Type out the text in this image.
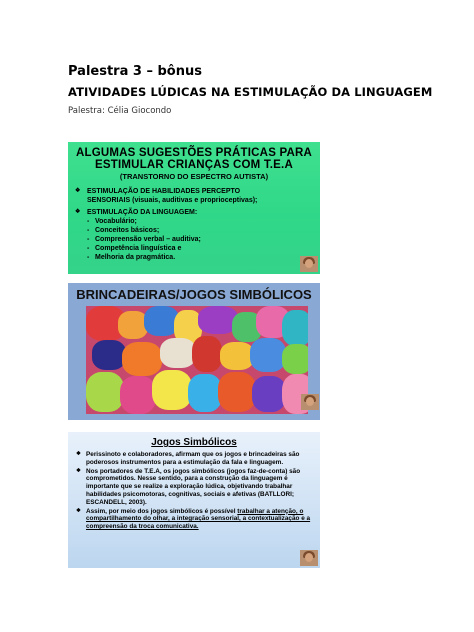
Palestra 3 – bônus
ATIVIDADES LÚDICAS NA ESTIMULAÇÃO DA LINGUAGEM
Palestra: Célia Giocondo
ALGUMAS SUGESTÕES PRÁTICAS PARA
ESTIMULAR CRIANÇAS COM T.E.A
(TRANSTORNO DO ESPECTRO AUTISTA)
❖ ESTIMULAÇÃO DE HABILIDADES PERCEPTO
SENSORIAIS (visuais, auditivas e proprioceptivas);
❖ ESTIMULAÇÃO DA LINGUAGEM:
- Vocabulário;
- Conceitos básicos;
- Compreensão verbal – auditiva;
- Competência linguística e
- Melhoria da pragmática.
BRINCADEIRAS/JOGOS SIMBÓLICOS
Jogos Simbólicos
❖ Perissinoto e colaboradores, afirmam que os jogos e brincadeiras são poderosos instrumentos para a estimulação da fala e linguagem.
❖ Nos portadores de T.E.A, os jogos simbólicos (jogos faz-de-conta) são comprometidos. Nesse sentido, para a construção da linguagem é importante que se realize a exploração lúdica, objetivando trabalhar habilidades psicomotoras, cognitivas, sociais e afetivas (BATLLORI; ESCANDELL, 2003).
❖ Assim, por meio dos jogos simbólicos é possível trabalhar a atenção, o compartilhamento do olhar, a integração sensorial, a contextualização e a compreensão da troca comunicativa.
